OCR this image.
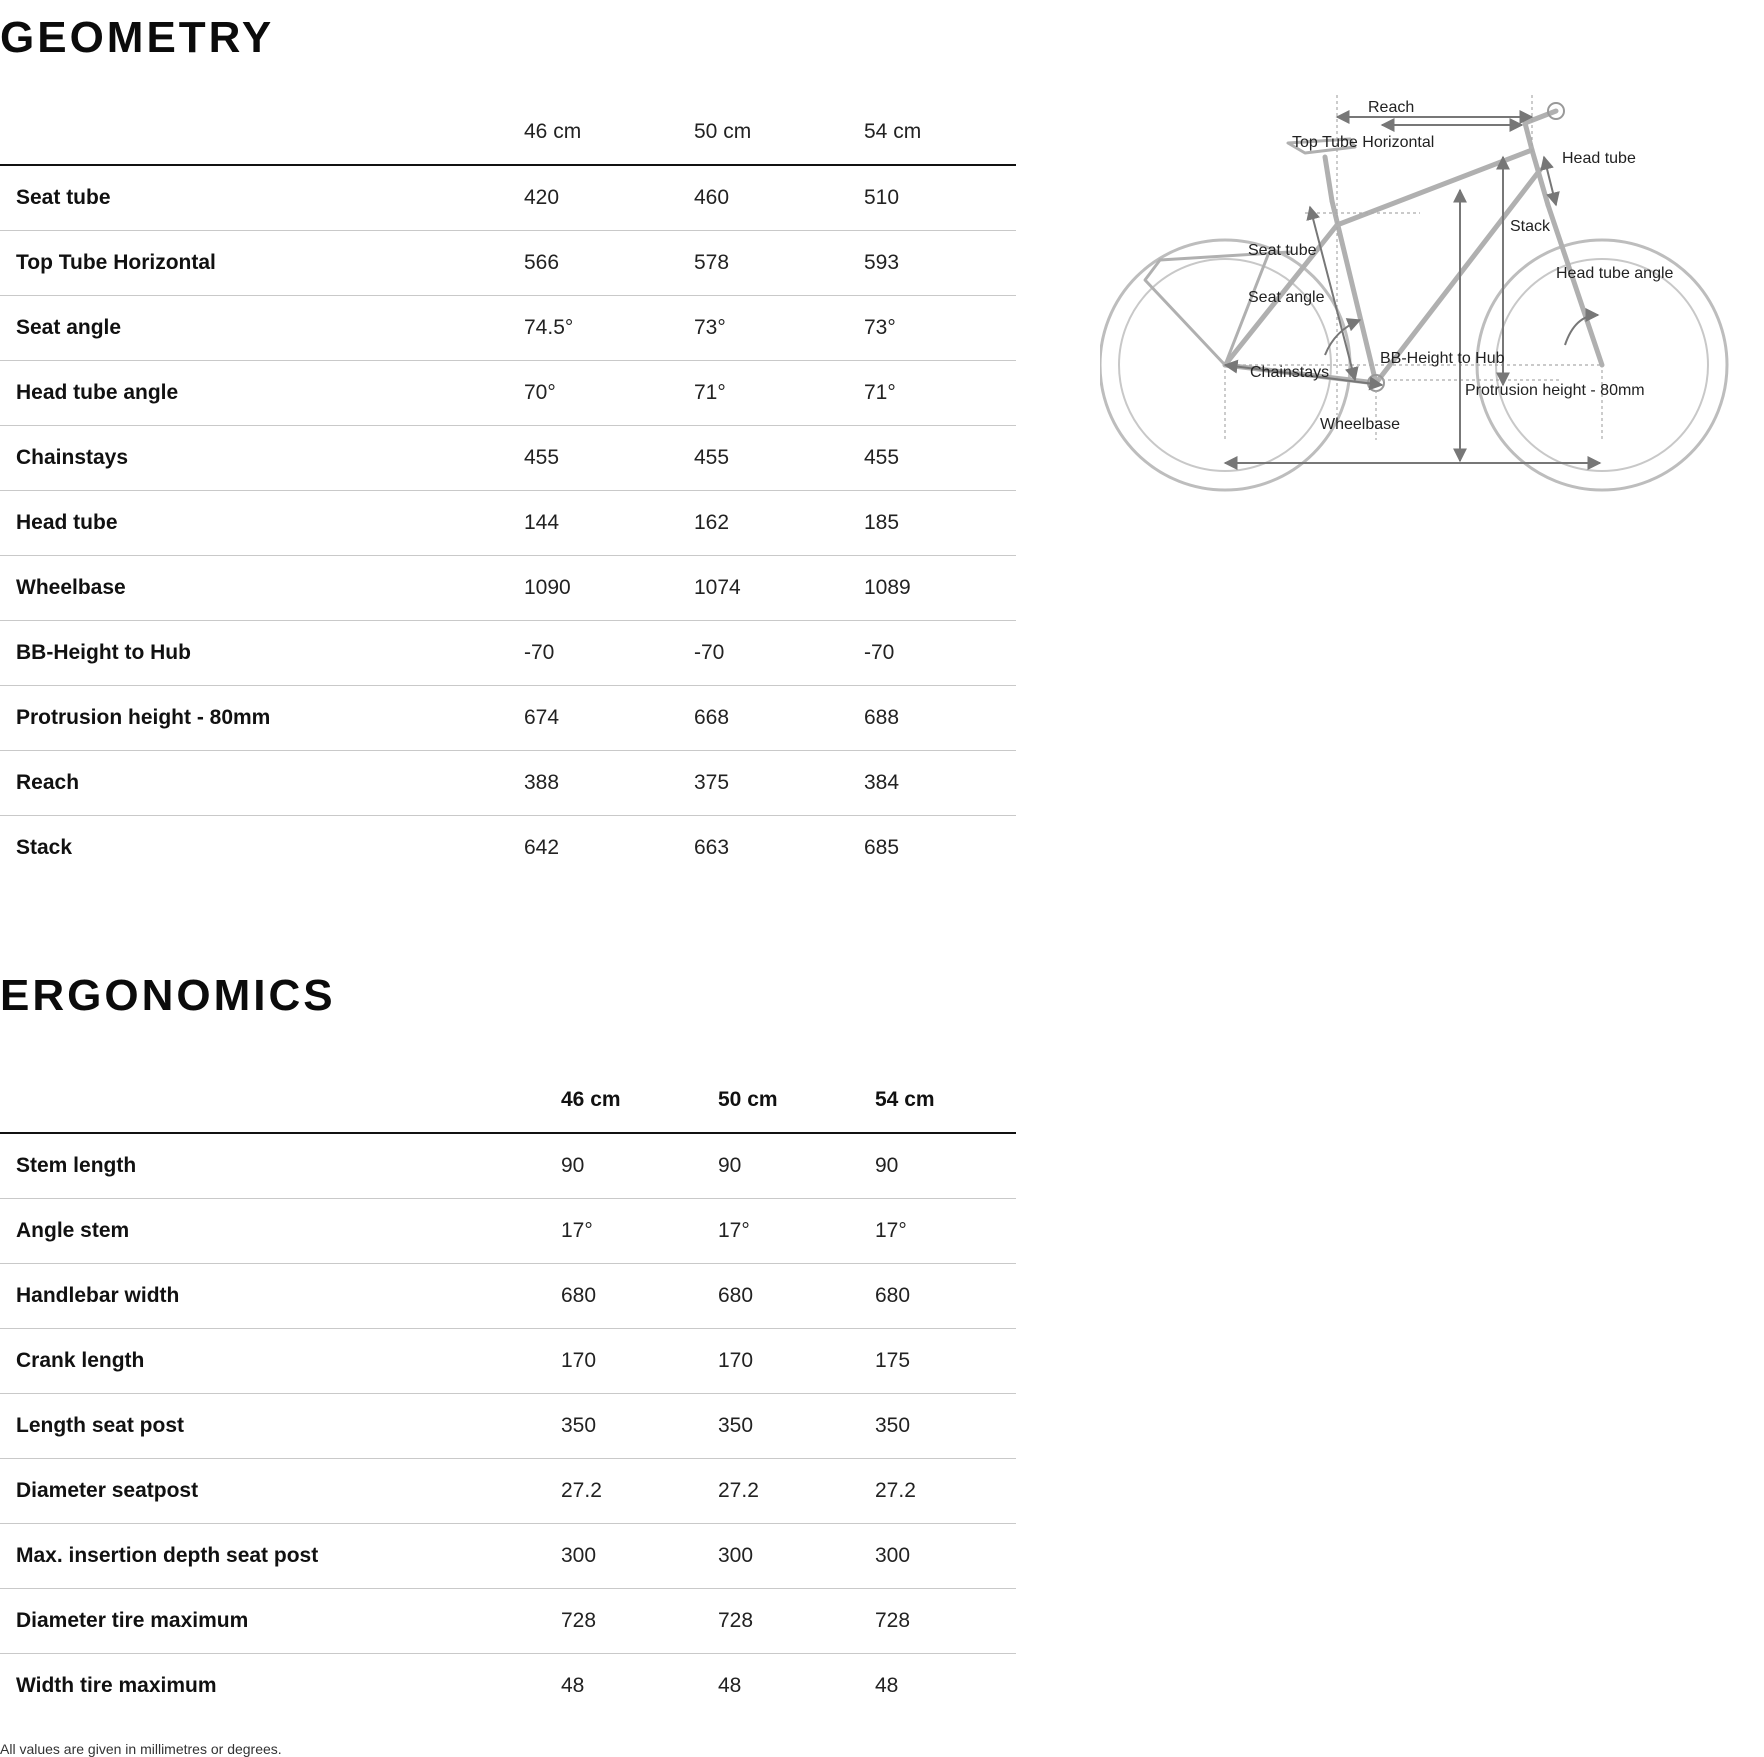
GEOMETRY
	46 cm	50 cm	54 cm
Seat tube	420	460	510
Top Tube Horizontal	566	578	593
Seat angle	74.5°	73°	73°
Head tube angle	70°	71°	71°
Chainstays	455	455	455
Head tube	144	162	185
Wheelbase	1090	1074	1089
BB-Height to Hub	-70	-70	-70
Protrusion height - 80mm	674	668	688
Reach	388	375	384
Stack	642	663	685
Reach
Top Tube Horizontal
Head tube
Stack
Seat tube
Head tube angle
Seat angle
BB-Height to Hub
Chainstays
Protrusion height - 80mm
Wheelbase
ERGONOMICS
	46 cm	50 cm	54 cm
Stem length	90	90	90
Angle stem	17°	17°	17°
Handlebar width	680	680	680
Crank length	170	170	175
Length seat post	350	350	350
Diameter seatpost	27.2	27.2	27.2
Max. insertion depth seat post	300	300	300
Diameter tire maximum	728	728	728
Width tire maximum	48	48	48
All values are given in millimetres or degrees.
